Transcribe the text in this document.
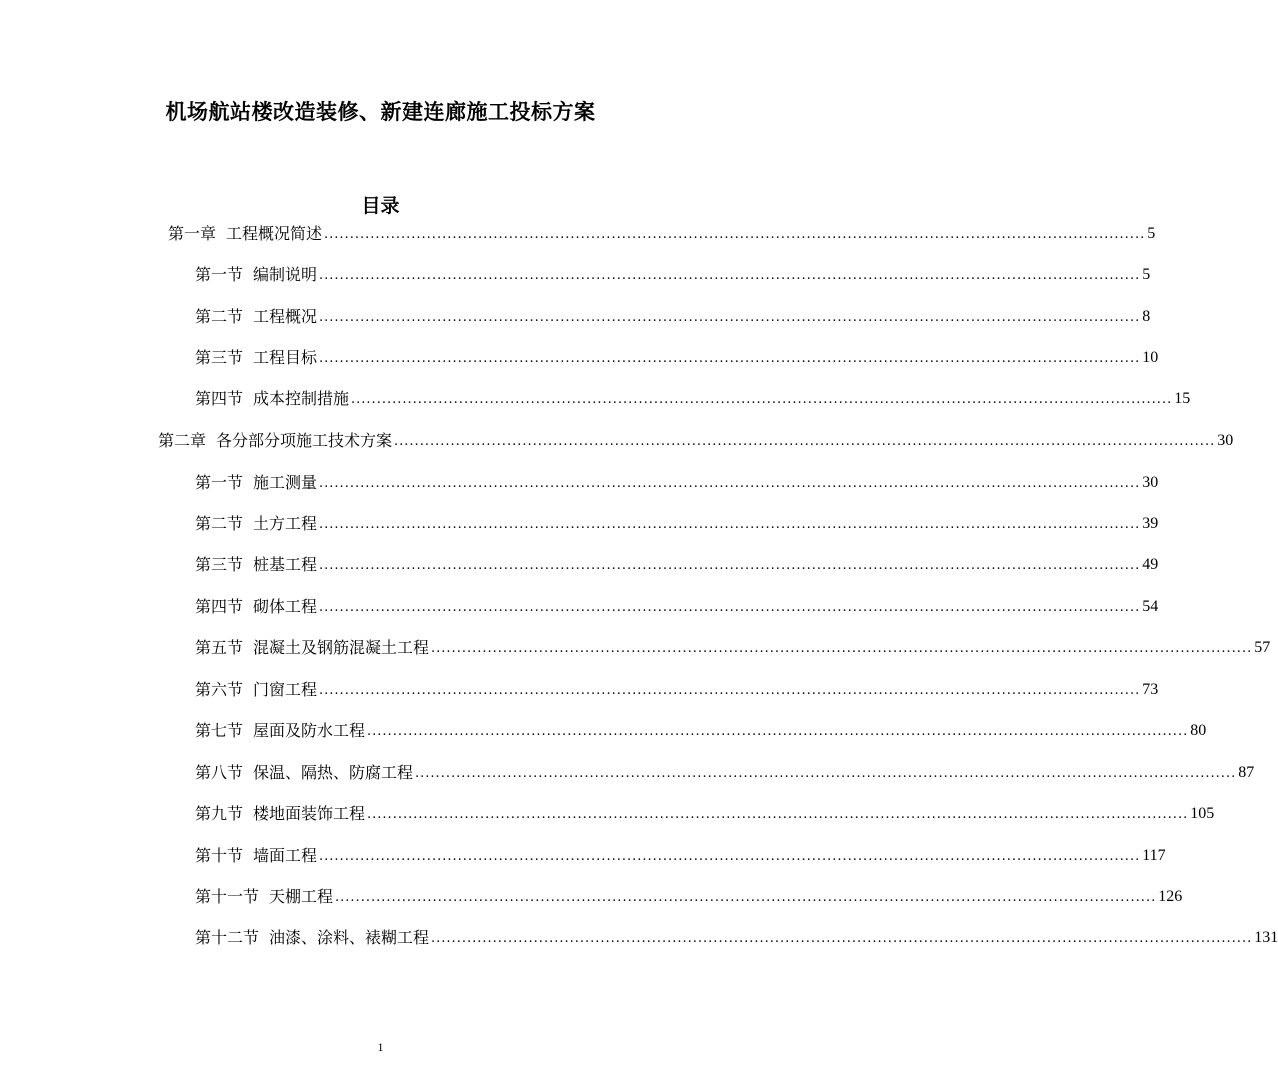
机场航站楼改造装修、新建连廊施工投标方案
目录
第一章 工程概况简述 ................................................................................................................................................................ 5
第一节 编制说明 ................................................................................................................................................................ 5
第二节 工程概况 ................................................................................................................................................................ 8
第三节 工程目标 ................................................................................................................................................................ 10
第四节 成本控制措施 ................................................................................................................................................................ 15
第二章 各分部分项施工技术方案 ................................................................................................................................................................ 30
第一节 施工测量 ................................................................................................................................................................ 30
第二节 土方工程 ................................................................................................................................................................ 39
第三节 桩基工程 ................................................................................................................................................................ 49
第四节 砌体工程 ................................................................................................................................................................ 54
第五节 混凝土及钢筋混凝土工程 ................................................................................................................................................................ 57
第六节 门窗工程 ................................................................................................................................................................ 73
第七节 屋面及防水工程 ................................................................................................................................................................ 80
第八节 保温、隔热、防腐工程 ................................................................................................................................................................ 87
第九节 楼地面装饰工程 ................................................................................................................................................................ 105
第十节 墙面工程 ................................................................................................................................................................ 117
第十一节 天棚工程 ................................................................................................................................................................ 126
第十二节 油漆、涂料、裱糊工程 ................................................................................................................................................................ 131
1
